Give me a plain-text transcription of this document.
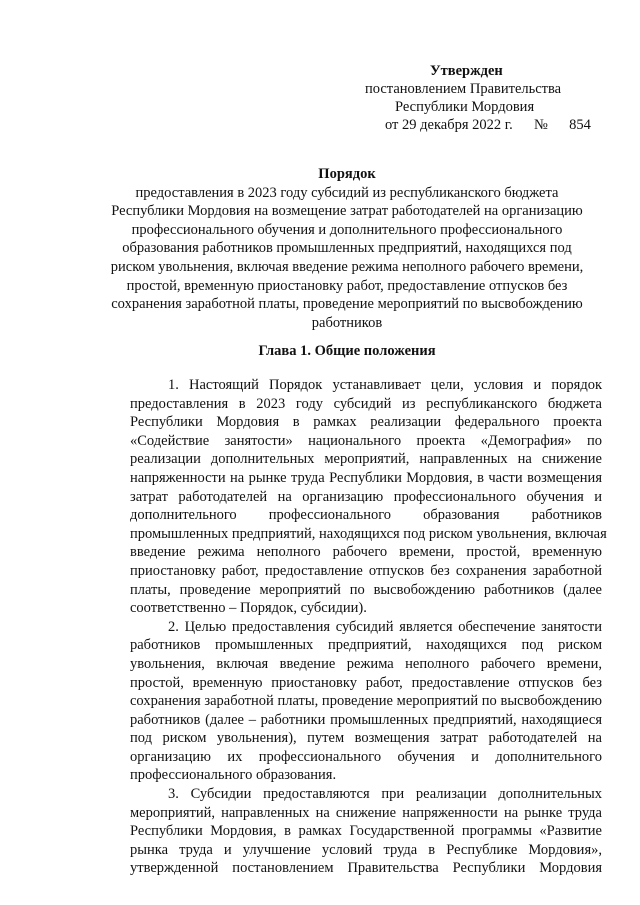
Утвержден
постановлением Правительства
Республики Мордовия
от 29 декабря 2022 г. № 854
Порядок
предоставления в 2023 году субсидий из республиканского бюджета
Республики Мордовия на возмещение затрат работодателей на организацию
профессионального обучения и дополнительного профессионального
образования работников промышленных предприятий, находящихся под
риском увольнения, включая введение режима неполного рабочего времени,
простой, временную приостановку работ, предоставление отпусков без
сохранения заработной платы, проведение мероприятий по высвобождению
работников
Глава 1. Общие положения
1. Настоящий Порядок устанавливает цели, условия и порядок
предоставления в 2023 году субсидий из республиканского бюджета
Республики Мордовия в рамках реализации федерального проекта
«Содействие занятости» национального проекта «Демография» по
реализации дополнительных мероприятий, направленных на снижение
напряженности на рынке труда Республики Мордовия, в части возмещения
затрат работодателей на организацию профессионального обучения и
дополнительного профессионального образования работников
промышленных предприятий, находящихся под риском увольнения, включая
введение режима неполного рабочего времени, простой, временную
приостановку работ, предоставление отпусков без сохранения заработной
платы, проведение мероприятий по высвобождению работников (далее
соответственно – Порядок, субсидии).
2. Целью предоставления субсидий является обеспечение занятости
работников промышленных предприятий, находящихся под риском
увольнения, включая введение режима неполного рабочего времени,
простой, временную приостановку работ, предоставление отпусков без
сохранения заработной платы, проведение мероприятий по высвобождению
работников (далее – работники промышленных предприятий, находящиеся
под риском увольнения), путем возмещения затрат работодателей на
организацию их профессионального обучения и дополнительного
профессионального образования.
3. Субсидии предоставляются при реализации дополнительных
мероприятий, направленных на снижение напряженности на рынке труда
Республики Мордовия, в рамках Государственной программы «Развитие
рынка труда и улучшение условий труда в Республике Мордовия»,
утвержденной постановлением Правительства Республики Мордовия
